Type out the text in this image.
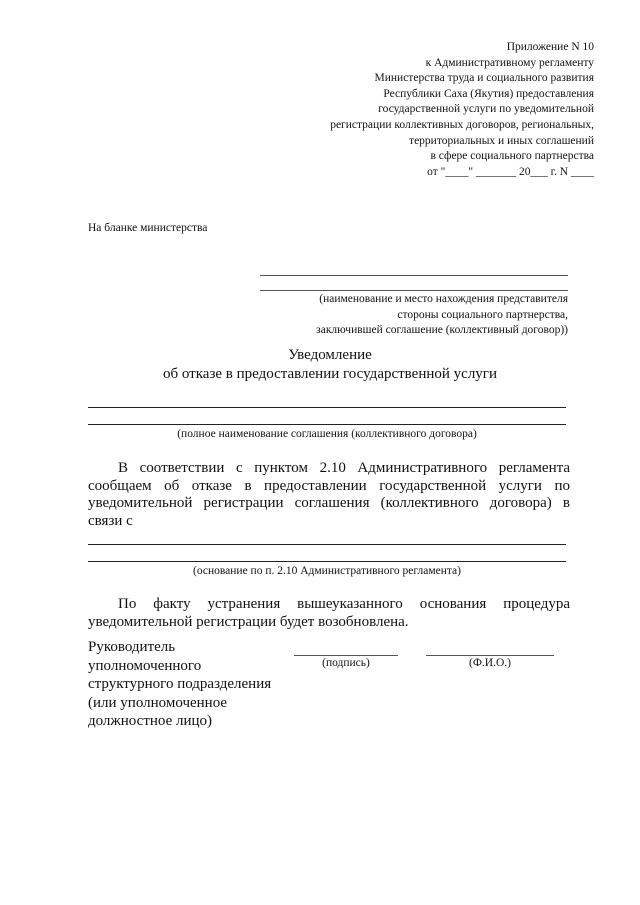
Приложение N 10
к Административному регламенту
Министерства труда и социального развития
Республики Саха (Якутия) предоставления
государственной услуги по уведомительной
регистрации коллективных договоров, региональных,
территориальных и иных соглашений
в сфере социального партнерства
от "____" _______ 20___ г. N ____
На бланке министерства
(наименование и место нахождения представителя
стороны социального партнерства,
заключившей соглашение (коллективный договор))
Уведомление
об отказе в предоставлении государственной услуги
(полное наименование соглашения (коллективного договора)
В соответствии с пунктом 2.10 Административного регламента сообщаем об отказе в предоставлении государственной услуги по уведомительной регистрации соглашения (коллективного договора) в связи с
(основание по п. 2.10 Административного регламента)
По факту устранения вышеуказанного основания процедура уведомительной регистрации будет возобновлена.
Руководитель
уполномоченного
структурного подразделения
(или уполномоченное
должностное лицо)
(подпись)	(Ф.И.О.)
